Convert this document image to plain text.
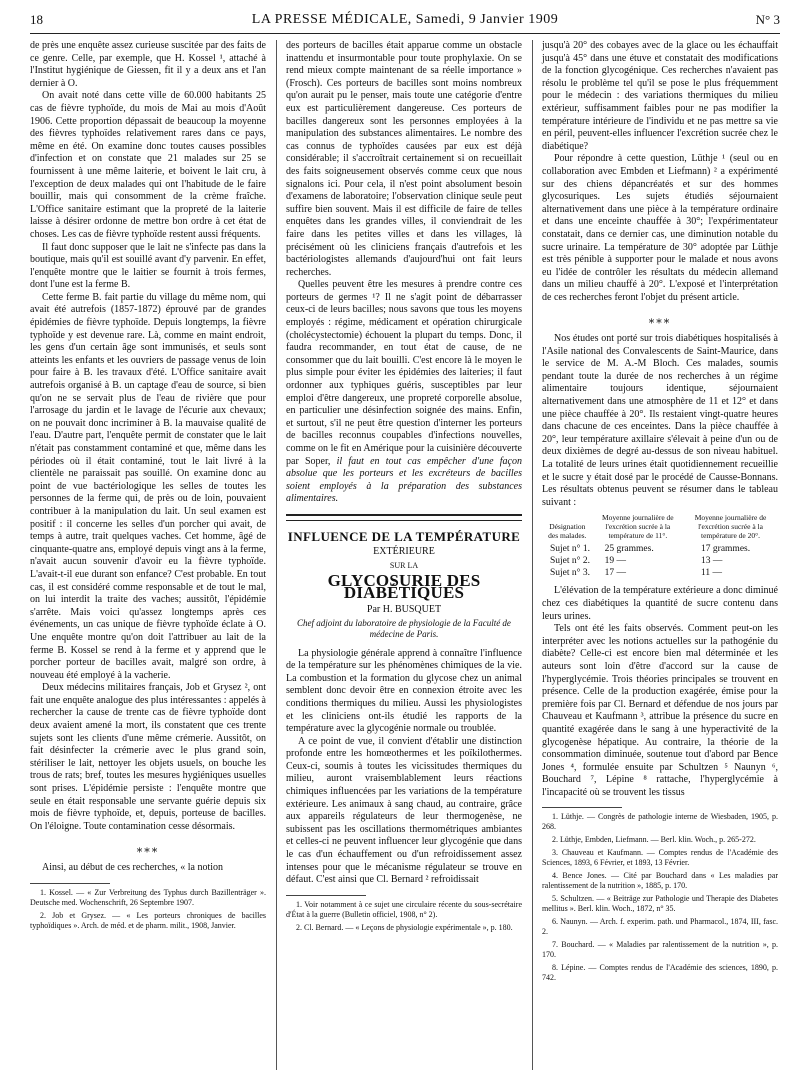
18	LA PRESSE MÉDICALE, Samedi, 9 Janvier 1909	N° 3

de près une enquête assez curieuse suscitée par des faits de ce genre. Celle, par exemple, que H. Kossel ¹, attaché à l'Institut hygiénique de Giessen, fit il y a deux ans et l'an dernier à O.

On avait noté dans cette ville de 60.000 habitants 25 cas de fièvre typhoïde, du mois de Mai au mois d'Août 1906. Cette proportion dépassait de beaucoup la moyenne des fièvres typhoïdes relativement rares dans ce pays, même en été. On examine donc toutes causes possibles d'infection et on constate que 21 malades sur 25 se fournissent à une même laiterie, et boivent le lait cru, à l'exception de deux malades qui ont l'habitude de le faire bouillir, mais qui consomment de la crème fraîche. L'Office sanitaire estimant que la propreté de la laiterie laisse à désirer ordonne de mettre bon ordre à cet état de choses. Les cas de fièvre typhoïde restent aussi fréquents.

Il faut donc supposer que le lait ne s'infecte pas dans la boutique, mais qu'il est souillé avant d'y parvenir. En effet, l'enquête montre que le laitier se fournit à trois fermes, dont l'une est la ferme B.

Cette ferme B. fait partie du village du même nom, qui avait été autrefois (1857-1872) éprouvé par de grandes épidémies de fièvre typhoïde. Depuis longtemps, la fièvre typhoïde y est devenue rare. Là, comme en maint endroit, les gens d'un certain âge sont immunisés, et seuls sont atteints les enfants et les ouvriers de passage venus de loin pour faire à B. les travaux d'été. L'Office sanitaire avait autrefois organisé à B. un captage d'eau de source, si bien qu'on ne se servait plus de l'eau de rivière que pour l'arrosage du jardin et le lavage de l'écurie aux chevaux; on ne pouvait donc incriminer à B. la mauvaise qualité de l'eau. D'autre part, l'enquête permit de constater que le lait n'était pas constamment contaminé et que, même dans les périodes où il était contaminé, tout le lait livré à la clientèle ne paraissait pas souillé. On examine donc au point de vue bactériologique les selles de toutes les personnes de la ferme qui, de près ou de loin, pouvaient contribuer à la manipulation du lait. Un seul examen est positif : il concerne les selles d'un porcher qui avait, de temps à autre, trait quelques vaches. Cet homme, âgé de cinquante-quatre ans, employé depuis vingt ans à la ferme, n'avait aucun souvenir d'avoir eu la fièvre typhoïde. L'avait-t-il eue durant son enfance? C'est probable. En tout cas, il est considéré comme responsable et de tout le mal, on lui interdit la traite des vaches; aussitôt, l'épidémie s'arrête. Mais voici qu'assez longtemps après ces événements, un cas unique de fièvre typhoïde éclate à O. Une enquête montre qu'on doit l'attribuer au lait de la ferme B. Kossel se rend à la ferme et y apprend que le porcher porteur de bacilles avait, malgré son ordre, à nouveau été employé à la vacherie.

Deux médecins militaires français, Job et Grysez ², ont fait une enquête analogue des plus intéressantes : appelés à rechercher la cause de trente cas de fièvre typhoïde dont deux avaient amené la mort, ils constatent que ces trente sujets sont les clients d'une même crémerie. Aussitôt, on fait désinfecter la crémerie avec le plus grand soin, stériliser le lait, nettoyer les objets usuels, on bouche les trous de rats; bref, toutes les mesures hygiéniques usuelles sont prises. L'épidémie persiste : l'enquête montre que seule en était responsable une servante guérie depuis six mois de fièvre typhoïde, et, depuis, porteuse de bacilles. On l'éloigne. Toute contamination cesse désormais.

⁎⁎⁎

Ainsi, au début de ces recherches, « la notion

1. Kossel. — « Zur Verbreitung des Typhus durch Bazillenträger ». Deutsche med. Wochenschrift, 26 Septembre 1907.
2. Job et Grysez. — « Les porteurs chroniques de bacilles typhoïdiques ». Arch. de méd. et de pharm. milit., 1908, Janvier.

des porteurs de bacilles était apparue comme un obstacle inattendu et insurmontable pour toute prophylaxie. On se rend mieux compte maintenant de sa réelle importance » (Frosch). Ces porteurs de bacilles sont moins nombreux qu'on aurait pu le penser, mais toute une catégorie d'entre eux est particulièrement dangereuse. Ces porteurs de bacilles dangereux sont les personnes employées à la manipulation des substances alimentaires. Le nombre des cas connus de typhoïdes causées par eux est déjà considérable; il s'accroîtrait certainement si on recueillait des faits soigneusement observés comme ceux que nous signalons ici. Pour cela, il n'est point absolument besoin d'examens de laboratoire; l'observation clinique seule peut suffire bien souvent. Mais il est difficile de faire de telles enquêtes dans les grandes villes, il conviendrait de les faire dans les petites villes et dans les villages, là précisément où les cliniciens français d'autrefois et les bactériologistes allemands d'aujourd'hui ont fait leurs recherches.

Quelles peuvent être les mesures à prendre contre ces porteurs de germes ¹? Il ne s'agit point de débarrasser ceux-ci de leurs bacilles; nous savons que tous les moyens employés : régime, médicament et opération chirurgicale (cholécystectomie) échouent la plupart du temps. Donc, il faudra recommander, en tout état de cause, de ne consommer que du lait bouilli. C'est encore là le moyen le plus simple pour éviter les épidémies des laiteries; il faut ordonner aux typhiques guéris, susceptibles par leur emploi d'être dangereux, une propreté corporelle absolue, en particulier une désinfection soignée des mains. Enfin, et surtout, s'il ne peut être question d'interner les porteurs de bacilles reconnus coupables d'infections nouvelles, comme on le fit en Amérique pour la cuisinière découverte par Soper, il faut en tout cas empêcher d'une façon absolue que les porteurs et les excréteurs de bacilles soient employés à la préparation des substances alimentaires.

INFLUENCE DE LA TEMPÉRATURE
EXTÉRIEURE
SUR LA
GLYCOSURIE DES DIABÉTIQUES
Par H. BUSQUET
Chef adjoint du laboratoire de physiologie de la Faculté de médecine de Paris.

La physiologie générale apprend à connaître l'influence de la température sur les phénomènes chimiques de la vie. La combustion et la formation du glycose chez un animal semblent donc devoir être en connexion étroite avec les conditions thermiques du milieu. Aussi les physiologistes et les cliniciens ont-ils étudié les rapports de la température avec la glycogénie normale ou troublée.

A ce point de vue, il convient d'établir une distinction profonde entre les homœothermes et les poïkilothermes. Ceux-ci, soumis à toutes les vicissitudes thermiques du milieu, auront vraisemblablement leurs réactions chimiques influencées par les variations de la température extérieure. Les animaux à sang chaud, au contraire, grâce aux appareils régulateurs de leur thermogenèse, ne subissent pas les oscillations thermométriques ambiantes et celles-ci ne peuvent influencer leur glycogénie que dans le cas d'un échauffement ou d'un refroidissement assez intenses pour que le mécanisme régulateur se trouve en défaut. C'est ainsi que Cl. Bernard ² refroidissait

1. Voir notamment à ce sujet une circulaire récente du sous-secrétaire d'État à la guerre (Bulletin officiel, 1908, n° 2).
2. Cl. Bernard. — « Leçons de physiologie expérimentale », p. 180.

jusqu'à 20° des cobayes avec de la glace ou les échauffait jusqu'à 45° dans une étuve et constatait des modifications de la fonction glycogénique. Ces recherches n'avaient pas résolu le problème tel qu'il se pose le plus fréquemment pour le médecin : des variations thermiques du milieu extérieur, suffisamment faibles pour ne pas modifier la température intérieure de l'individu et ne pas mettre sa vie en péril, peuvent-elles influencer l'excrétion sucrée chez le diabétique?

Pour répondre à cette question, Lüthje ¹ (seul ou en collaboration avec Embden et Liefmann) ² a expérimenté sur des chiens dépancréatés et sur des hommes glycosuriques. Les sujets étudiés séjournaient alternativement dans une pièce à la température ordinaire et dans une enceinte chauffée à 30°; l'expérimentateur constatait, dans ce dernier cas, une diminution notable du sucre urinaire. La température de 30° adoptée par Lüthje est très pénible à supporter pour le malade et nous avons eu l'idée de contrôler les résultats du médecin allemand dans un milieu chauffé à 20°. L'exposé et l'interprétation de ces recherches feront l'objet du présent article.

⁎⁎⁎

Nos études ont porté sur trois diabétiques hospitalisés à l'Asile national des Convalescents de Saint-Maurice, dans le service de M. A.-M Bloch. Ces malades, soumis pendant toute la durée de nos recherches à un régime alimentaire toujours identique, séjournaient alternativement dans une atmosphère de 11 et 12° et dans une pièce chauffée à 20°. Ils restaient vingt-quatre heures dans chacune de ces enceintes. Dans la pièce chauffée à 20°, leur température axillaire s'élevait à peine d'un ou de deux dixièmes de degré au-dessus de son niveau habituel. La totalité de leurs urines était quotidiennement recueillie et le sucre y était dosé par le procédé de Causse-Bonnans. Les résultats obtenus peuvent se résumer dans le tableau suivant :

Désignation des malades.	Moyenne journalière de l'excrétion sucrée à la température de 11°.	Moyenne journalière de l'excrétion sucrée à la température de 20°.
Sujet n° 1.	25 grammes.	17 grammes.
Sujet n° 2.	19 —	13 —
Sujet n° 3.	17 —	11 —

L'élévation de la température extérieure a donc diminué chez ces diabétiques la quantité de sucre contenu dans leurs urines.

Tels ont été les faits observés. Comment peut-on les interpréter avec les notions actuelles sur la pathogénie du diabète? Celle-ci est encore bien mal déterminée et les auteurs sont loin d'être d'accord sur la cause de l'hyperglycémie. Trois théories principales se trouvent en présence. Celle de la production exagérée, émise pour la première fois par Cl. Bernard et défendue de nos jours par Chauveau et Kaufmann ³, attribue la présence du sucre en quantité exagérée dans le sang à une hyperactivité de la glycogenèse hépatique. Au contraire, la théorie de la consommation diminuée, soutenue tout d'abord par Bence Jones ⁴, formulée ensuite par Schultzen ⁵ Naunyn ⁶, Bouchard ⁷, Lépine ⁸ rattache, l'hyperglycémie à l'incapacité où se trouvent les tissus

1. Lüthje. — Congrès de pathologie interne de Wiesbaden, 1905, p. 268.
2. Lüthje, Embden, Liefmann. — Berl. klin. Woch., p. 265-272.
3. Chauveau et Kaufmann. — Comptes rendus de l'Académie des Sciences, 1893, 6 Février, et 1893, 13 Février.
4. Bence Jones. — Cité par Bouchard dans « Les maladies par ralentissement de la nutrition », 1885, p. 170.
5. Schultzen. — « Beiträge zur Pathologie und Therapie des Diabetes mellitus ». Berl. klin. Woch., 1872, n° 35.
6. Naunyn. — Arch. f. experim. path. und Pharmacol., 1874, III, fasc. 2.
7. Bouchard. — « Maladies par ralentissement de la nutrition », p. 170.
8. Lépine. — Comptes rendus de l'Académie des sciences, 1890, p. 742.
